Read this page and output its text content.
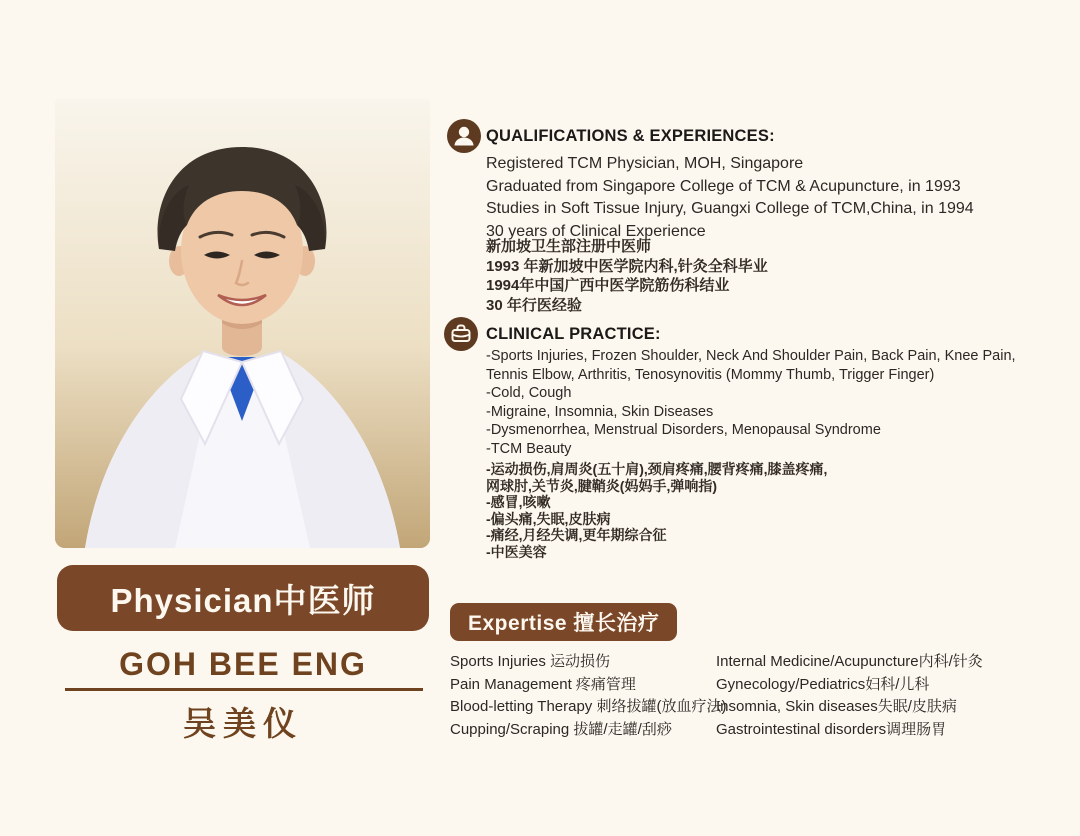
Physician中医师
GOH BEE ENG
吴美仪
QUALIFICATIONS & EXPERIENCES:
Registered TCM Physician, MOH, Singapore
Graduated from Singapore College of TCM & Acupuncture, in 1993
Studies in Soft Tissue Injury, Guangxi College of TCM,China, in 1994
30 years of Clinical Experience
新加坡卫生部注册中医师
1993 年新加坡中医学院内科,针灸全科毕业
1994年中国广西中医学院筋伤科结业
30 年行医经验
CLINICAL PRACTICE:
-Sports Injuries, Frozen Shoulder, Neck And Shoulder Pain, Back Pain, Knee Pain,
Tennis Elbow, Arthritis, Tenosynovitis (Mommy Thumb, Trigger Finger)
-Cold, Cough
-Migraine, Insomnia, Skin Diseases
-Dysmenorrhea, Menstrual Disorders, Menopausal Syndrome
-TCM Beauty
-运动损伤,肩周炎(五十肩),颈肩疼痛,腰背疼痛,膝盖疼痛,
网球肘,关节炎,腱鞘炎(妈妈手,弹响指)
-感冒,咳嗽
-偏头痛,失眠,皮肤病
-痛经,月经失调,更年期综合征
-中医美容
Expertise 擅长治疗
Sports Injuries 运动损伤
Pain Management 疼痛管理
Blood-letting Therapy 刺络拔罐(放血疗法)
Cupping/Scraping 拔罐/走罐/刮痧
Internal Medicine/Acupuncture内科/针灸
Gynecology/Pediatrics妇科/儿科
Insomnia, Skin diseases失眠/皮肤病
Gastrointestinal disorders调理肠胃
